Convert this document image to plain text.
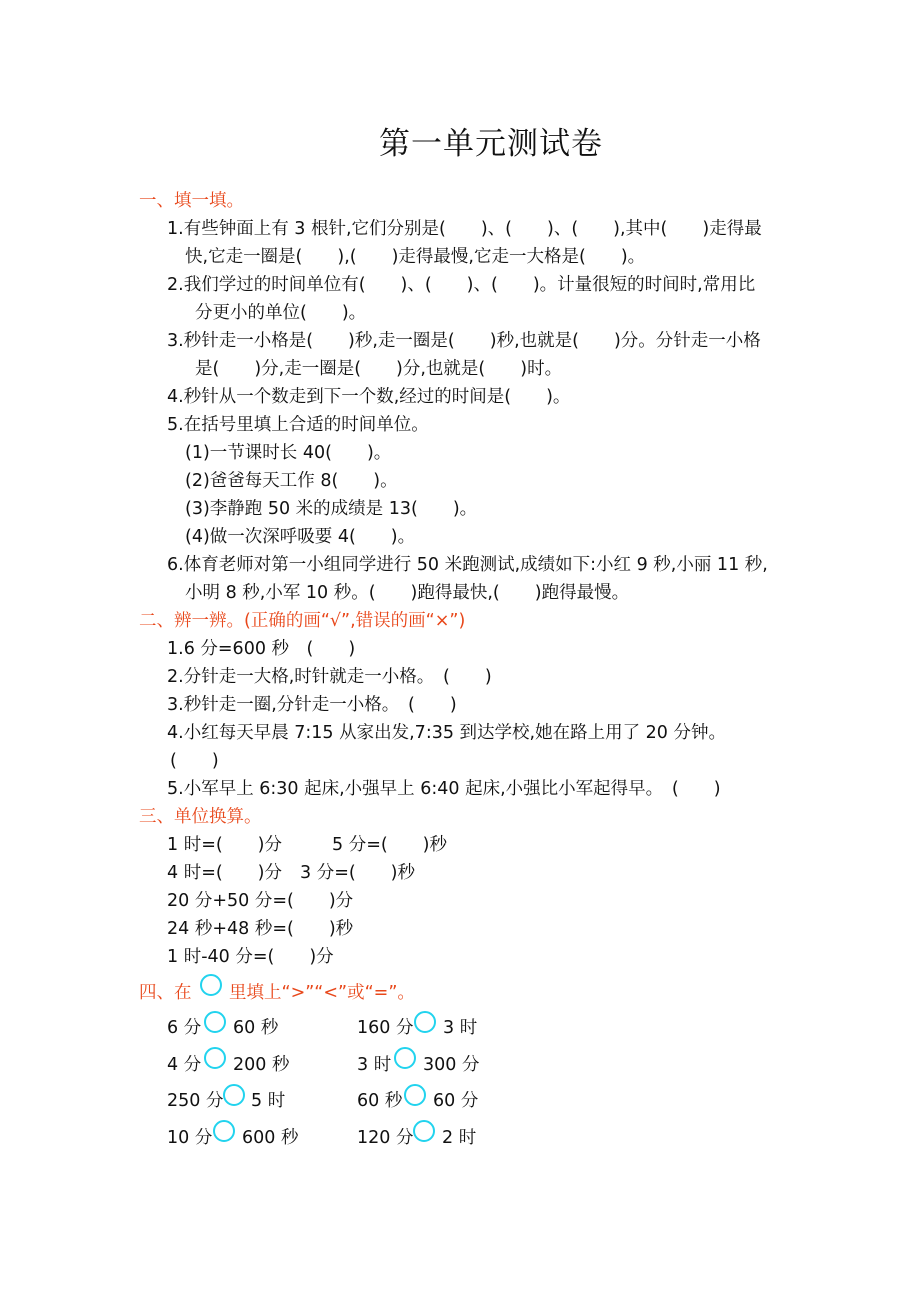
第一单元测试卷
一、填一填。
1.有些钟面上有 3 根针,它们分别是(　　)、(　　)、(　　),其中(　　)走得最
快,它走一圈是(　　),(　　)走得最慢,它走一大格是(　　)。
2.我们学过的时间单位有(　　)、(　　)、(　　)。计量很短的时间时,常用比
分更小的单位(　　)。
3.秒针走一小格是(　　)秒,走一圈是(　　)秒,也就是(　　)分。分针走一小格
是(　　)分,走一圈是(　　)分,也就是(　　)时。
4.秒针从一个数走到下一个数,经过的时间是(　　)。
5.在括号里填上合适的时间单位。
(1)一节课时长 40(　　)。
(2)爸爸每天工作 8(　　)。
(3)李静跑 50 米的成绩是 13(　　)。
(4)做一次深呼吸要 4(　　)。
6.体育老师对第一小组同学进行 50 米跑测试,成绩如下:小红 9 秒,小丽 11 秒,
小明 8 秒,小军 10 秒。(　　)跑得最快,(　　)跑得最慢。
二、辨一辨。(正确的画“√”,错误的画“×”)
1.6 分=600 秒　(　　)
2.分针走一大格,时针就走一小格。　(　　)
3.秒针走一圈,分针走一小格。　(　　)
4.小红每天早晨 7:15 从家出发,7:35 到达学校,她在路上用了 20 分钟。
(　　)
5.小军早上 6:30 起床,小强早上 6:40 起床,小强比小军起得早。　(　　)
三、单位换算。
1 时=(　　)分	5 分=(　　)秒
4 时=(　　)分 3 分=(　　)秒
20 分+50 分=(　　)分
24 秒+48 秒=(　　)秒
1 时-40 分=(　　)分
四、在 里填上“>”“<”或“=”。
6 分 60 秒	160 分 3 时
4 分 200 秒	3 时 300 分
250 分 5 时	60 秒 60 分
10 分 600 秒	120 分 2 时
